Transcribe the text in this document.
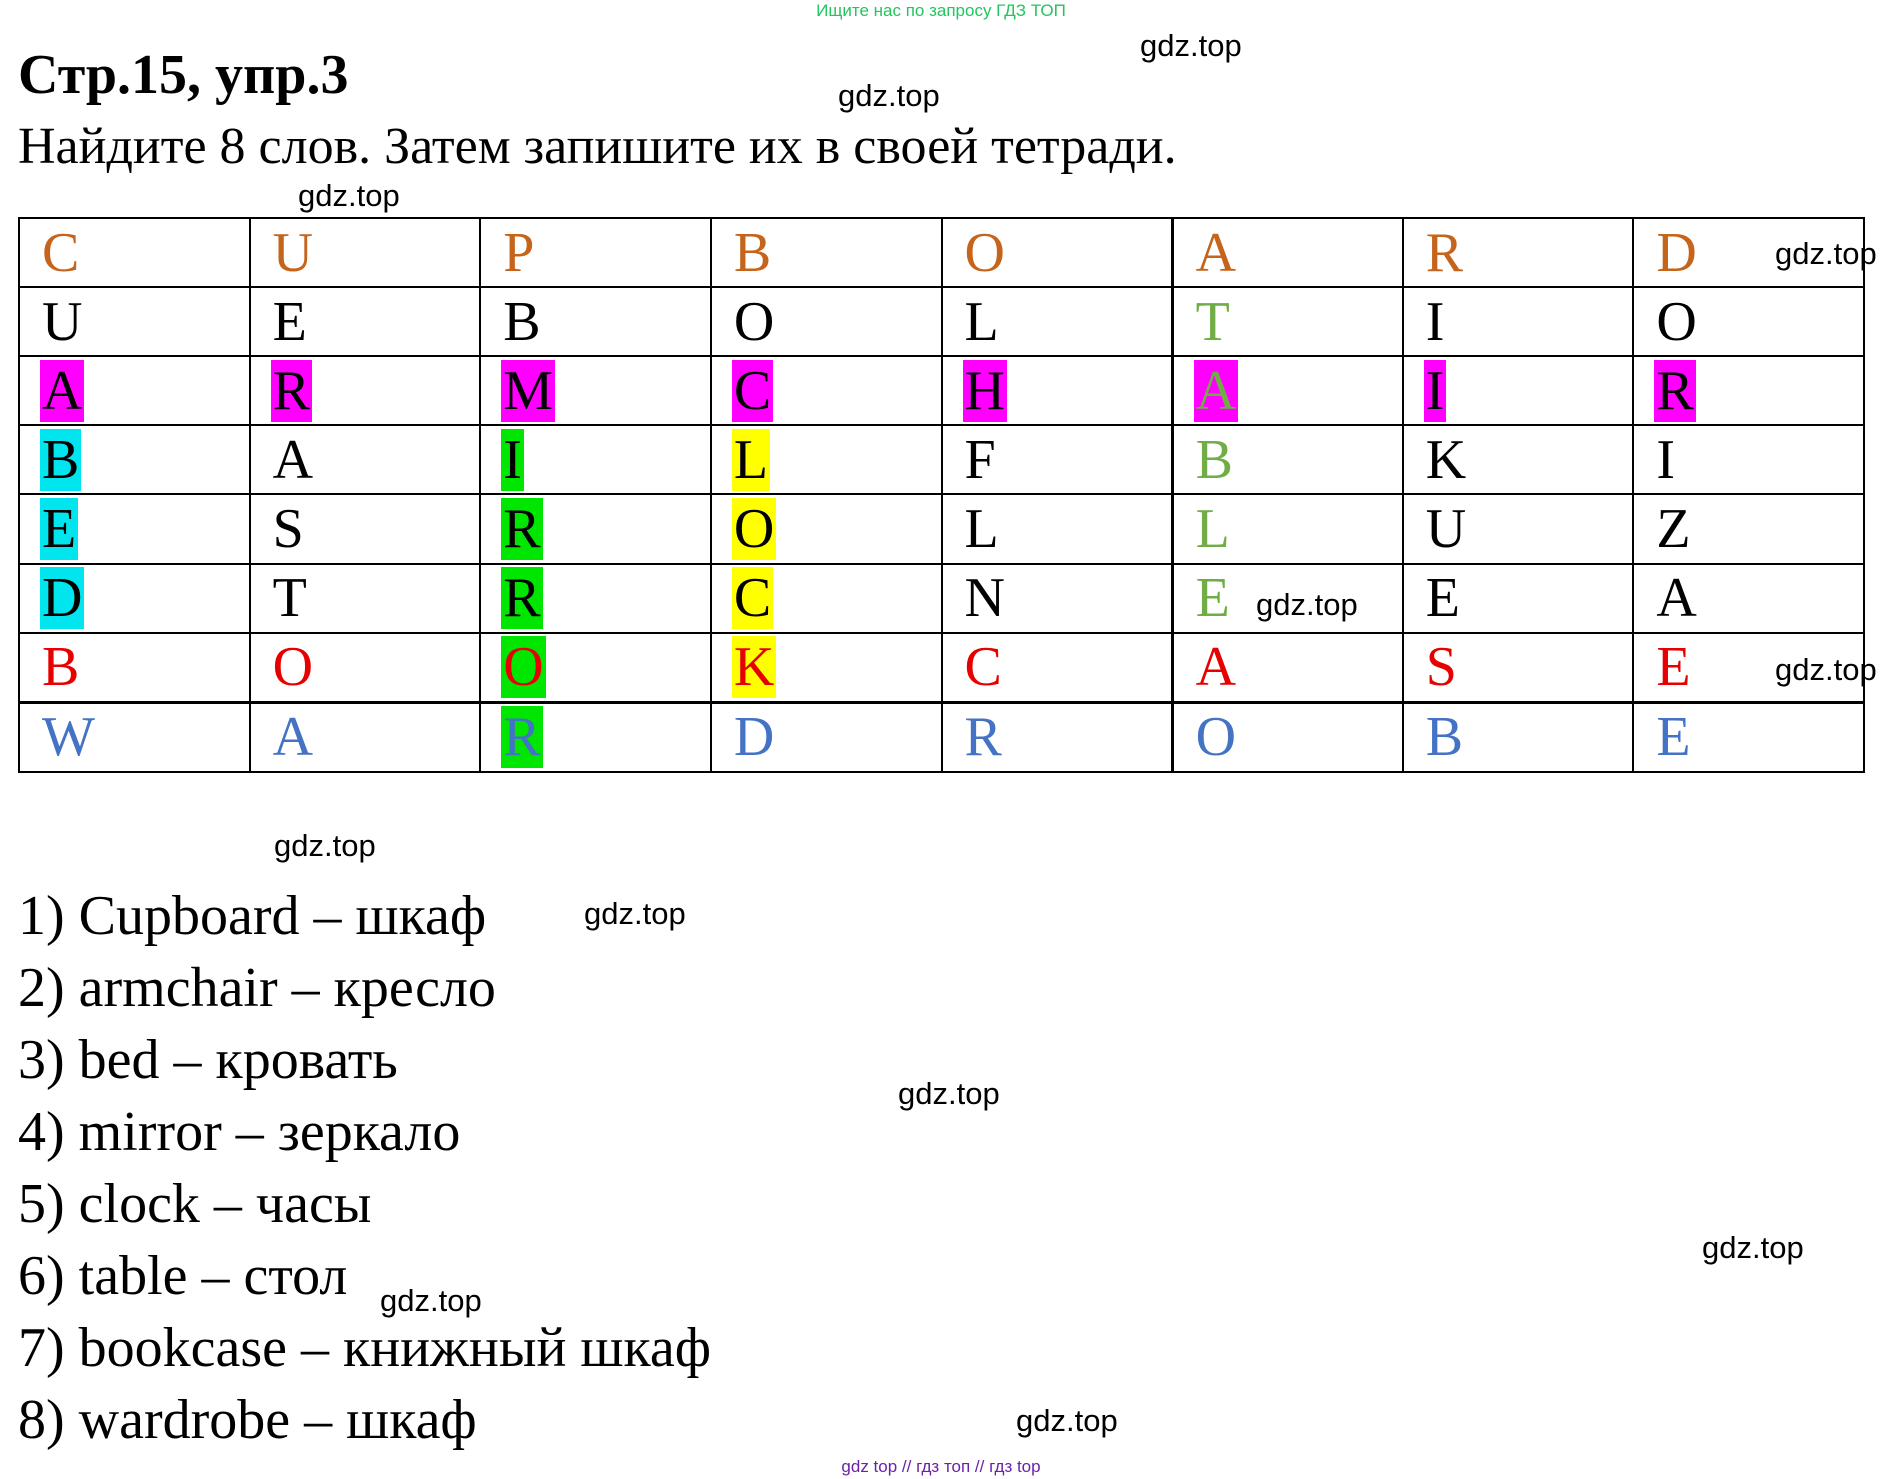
Ищите нас по запросу ГДЗ ТОП
Стр.15, упр.3

Найдите 8 слов. Затем запишите их в своей тетради.

C	U	P	B	O	A	R	D
U	E	B	O	L	T	I	O
A	R	M	C	H	A	I	R
B	A	I	L	F	B	K	I
E	S	R	O	L	L	U	Z
D	T	R	C	N	E	E	A
B	O	O	K	C	A	S	E
W	A	R	D	R	O	B	E
1) Cupboard – шкаф
2) armchair – кресло
3) bed – кровать
4) mirror – зеркало
5) clock – часы
6) table – стол
7) bookcase – книжный шкаф
8) wardrobe – шкаф
gdz.top
gdz.top
gdz.top
gdz.top
gdz.top
gdz.top
gdz.top
gdz.top
gdz.top
gdz.top
gdz.top
gdz.top
gdz top // гдз топ // гдз top
